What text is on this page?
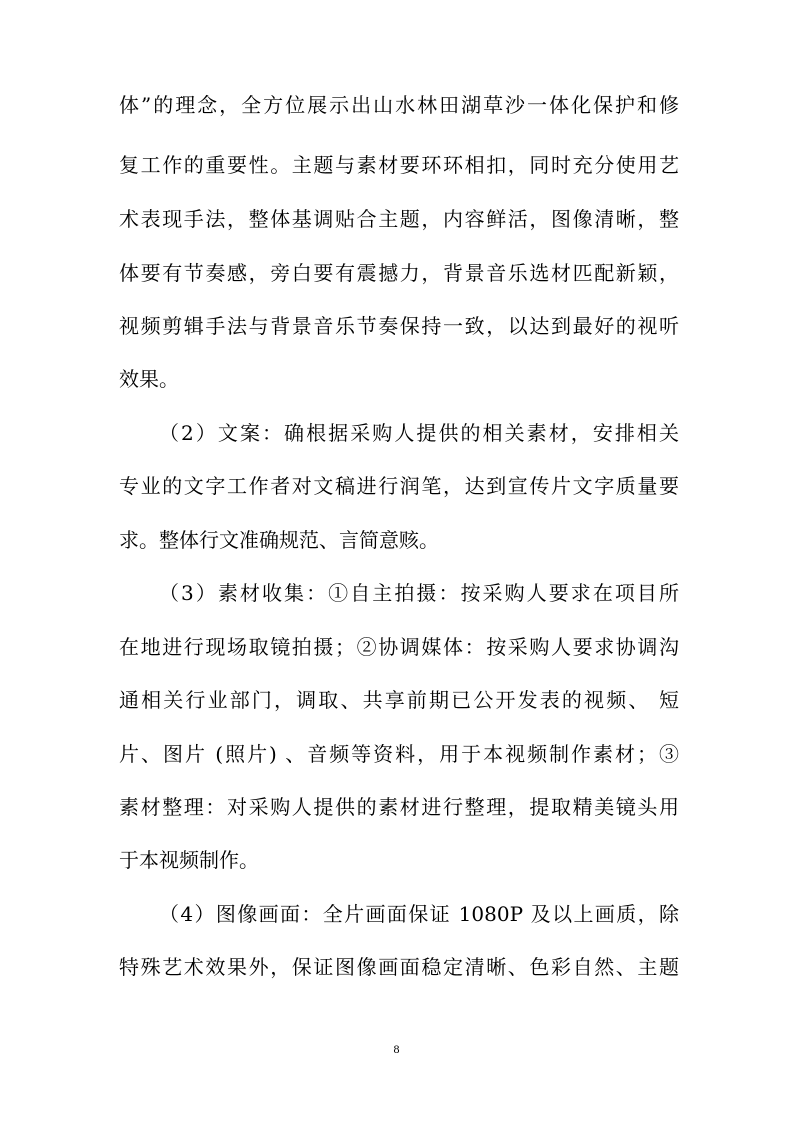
体”的理念，全方位展示出山水林田湖草沙一体化保护和修
复工作的重要性。主题与素材要环环相扣，同时充分使用艺
术表现手法，整体基调贴合主题，内容鲜活，图像清晰，整
体要有节奏感，旁白要有震撼力，背景音乐选材匹配新颖，
视频剪辑手法与背景音乐节奏保持一致，以达到最好的视听
效果。
（2）文案：确根据采购人提供的相关素材，安排相关
专业的文字工作者对文稿进行润笔，达到宣传片文字质量要
求。整体行文准确规范、言简意赅。
（3）素材收集：①自主拍摄：按采购人要求在项目所
在地进行现场取镜拍摄；②协调媒体：按采购人要求协调沟
通相关行业部门，调取、共享前期已公开发表的视频、 短
片、图片 (照片) 、音频等资料，用于本视频制作素材；③
素材整理：对采购人提供的素材进行整理，提取精美镜头用
于本视频制作。
（4）图像画面：全片画面保证 1080P 及以上画质，除
特殊艺术效果外，保证图像画面稳定清晰、色彩自然、主题
8
